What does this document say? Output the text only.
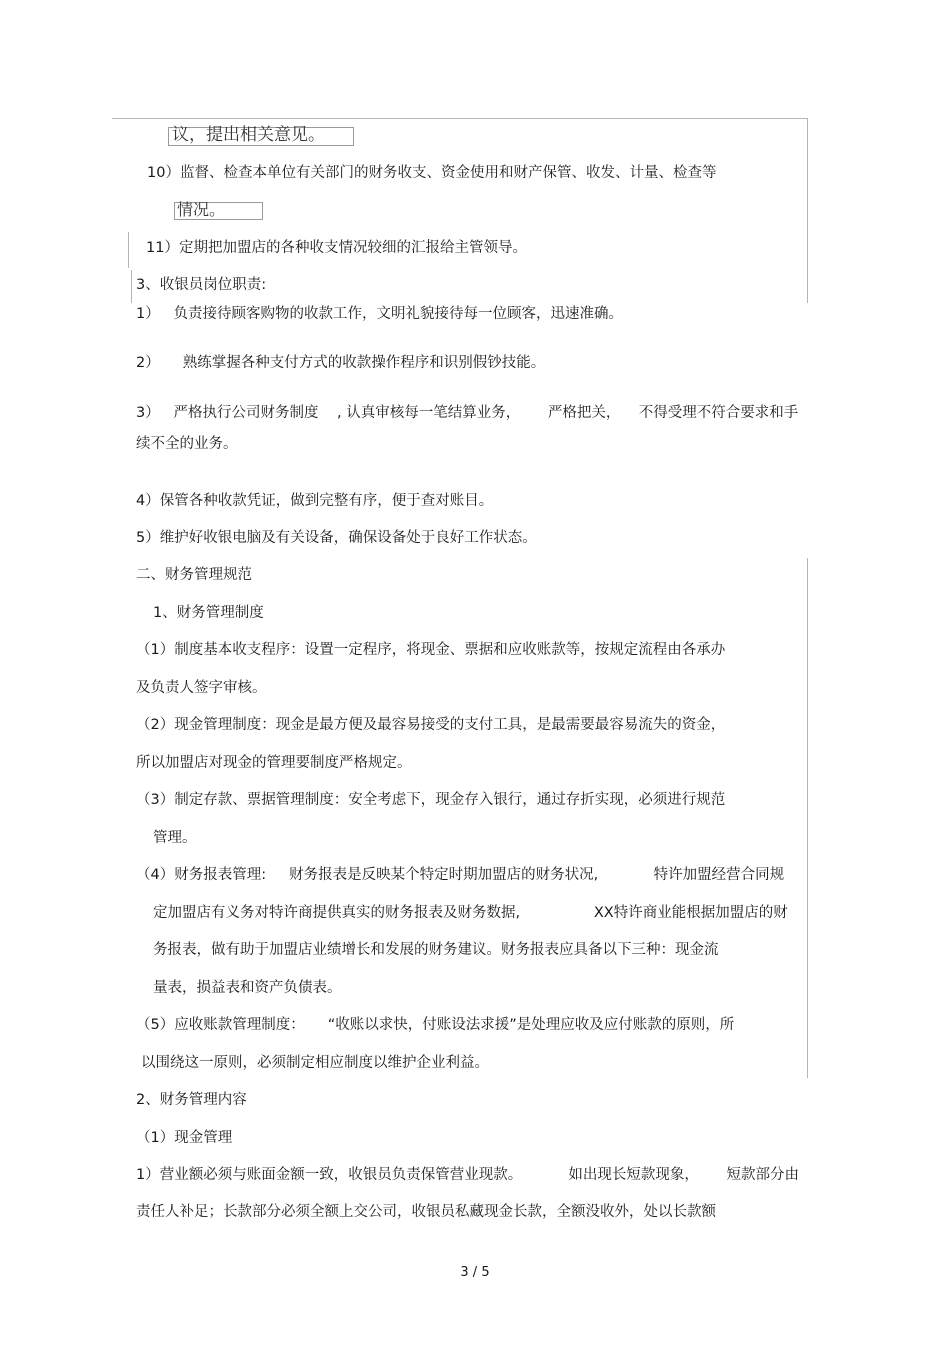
议，提出相关意见。
10）监督、检查本单位有关部门的财务收支、资金使用和财产保管、收发、计量、检查等
情况。
11）定期把加盟店的各种收支情况较细的汇报给主管领导。
3、收银员岗位职责:
1）   负责接待顾客购物的收款工作，文明礼貌接待每一位顾客，迅速准确。
2）     熟练掌握各种支付方式的收款操作程序和识别假钞技能。
3）   严格执行公司财务制度    , 认真审核每一笔结算业务，      严格把关，    不得受理不符合要求和手
续不全的业务。
4）保管各种收款凭证，做到完整有序，便于查对账目。
5）维护好收银电脑及有关设备，确保设备处于良好工作状态。
二、财务管理规范
1、财务管理制度
（1）制度基本收支程序：设置一定程序，将现金、票据和应收账款等，按规定流程由各承办
及负责人签字审核。
（2）现金管理制度：现金是最方便及最容易接受的支付工具，是最需要最容易流失的资金，
所以加盟店对现金的管理要制度严格规定。
（3）制定存款、票据管理制度：安全考虑下，现金存入银行，通过存折实现，必须进行规范
管理。
（4）财务报表管理:     财务报表是反映某个特定时期加盟店的财务状况,            特许加盟经营合同规
定加盟店有义务对特许商提供真实的财务报表及财务数据,                XX特许商业能根据加盟店的财
务报表，做有助于加盟店业绩增长和发展的财务建议。财务报表应具备以下三种：现金流
量表，损益表和资产负债表。
（5）应收账款管理制度：     “收账以求快，付账设法求援”是处理应收及应付账款的原则，所
以围绕这一原则，必须制定相应制度以维护企业利益。
2、财务管理内容
（1）现金管理
1）营业额必须与账面金额一致，收银员负责保管营业现款。          如出现长短款现象，      短款部分由
责任人补足；长款部分必须全额上交公司，收银员私藏现金长款，全额没收外，处以长款额
3 / 5
